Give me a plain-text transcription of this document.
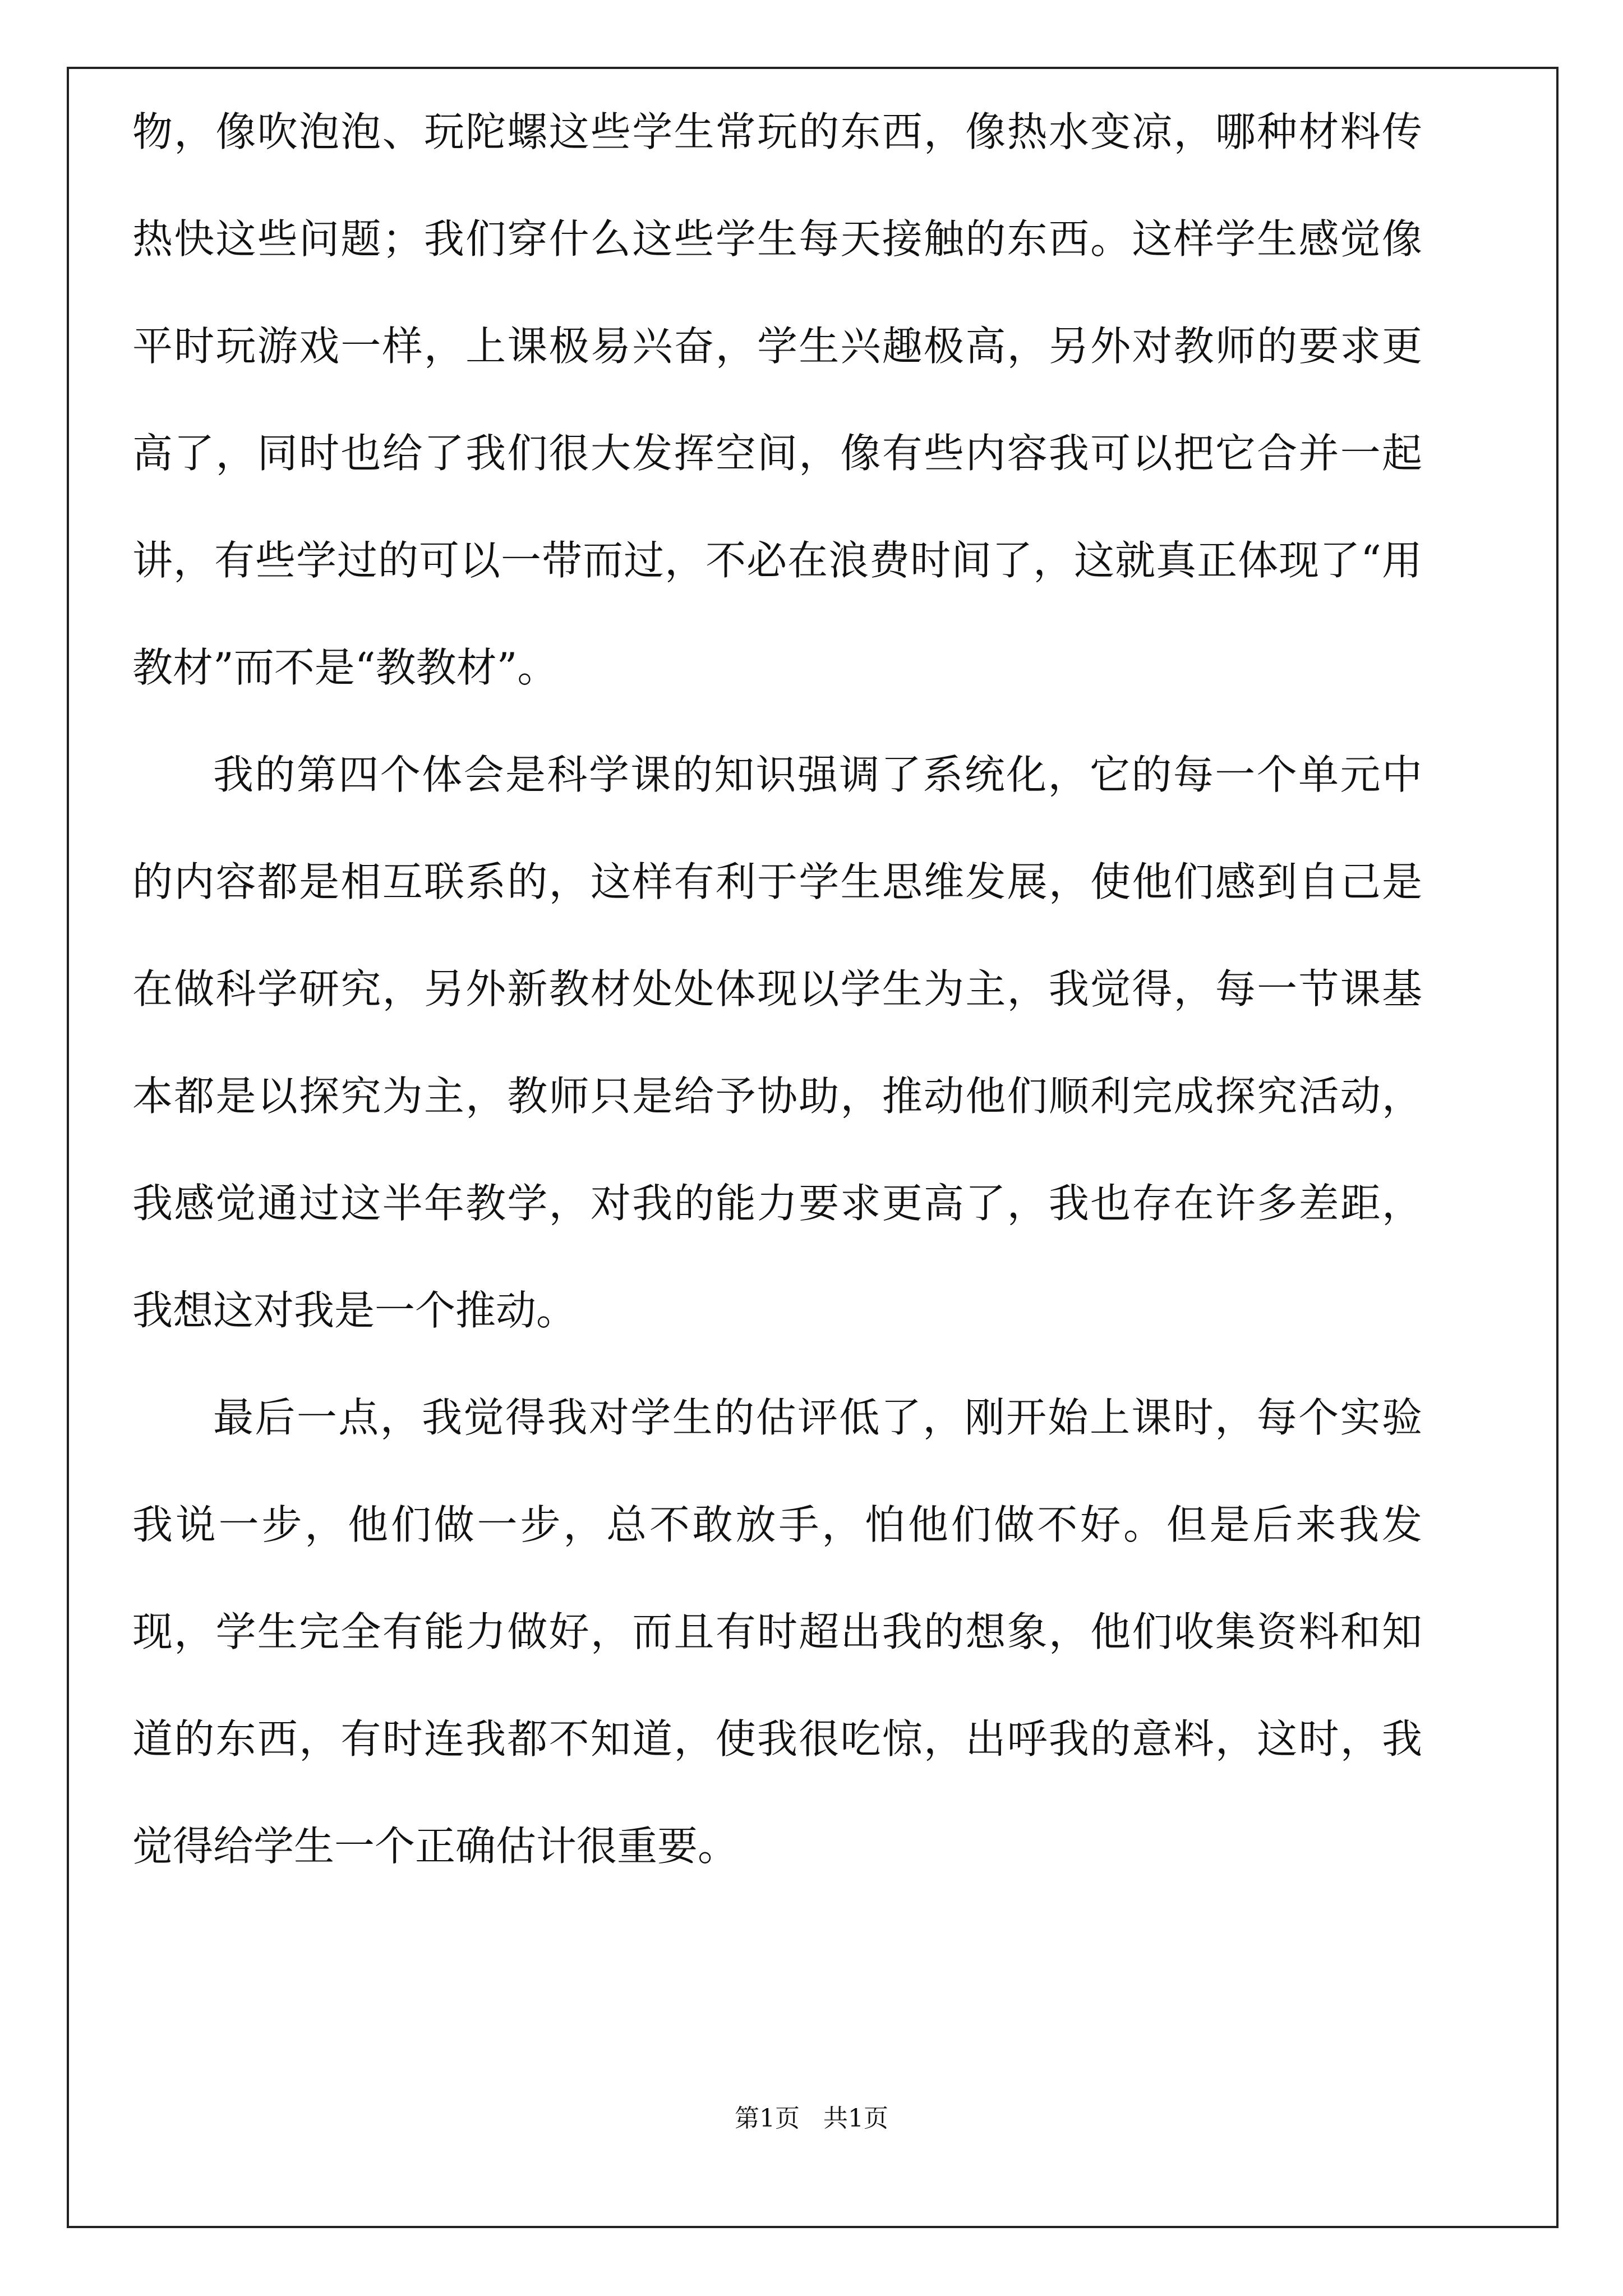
物，像吹泡泡、玩陀螺这些学生常玩的东西，像热水变凉，哪种材料传热快这些问题；我们穿什么这些学生每天接触的东西。这样学生感觉像平时玩游戏一样，上课极易兴奋，学生兴趣极高，另外对教师的要求更高了，同时也给了我们很大发挥空间，像有些内容我可以把它合并一起讲，有些学过的可以一带而过，不必在浪费时间了，这就真正体现了“用教材”而不是“教教材”。

我的第四个体会是科学课的知识强调了系统化，它的每一个单元中的内容都是相互联系的，这样有利于学生思维发展，使他们感到自己是在做科学研究，另外新教材处处体现以学生为主，我觉得，每一节课基本都是以探究为主，教师只是给予协助，推动他们顺利完成探究活动，我感觉通过这半年教学，对我的能力要求更高了，我也存在许多差距，我想这对我是一个推动。

最后一点，我觉得我对学生的估评低了，刚开始上课时，每个实验我说一步，他们做一步，总不敢放手，怕他们做不好。但是后来我发现，学生完全有能力做好，而且有时超出我的想象，他们收集资料和知道的东西，有时连我都不知道，使我很吃惊，出呼我的意料，这时，我觉得给学生一个正确估计很重要。

第1页   共1页
